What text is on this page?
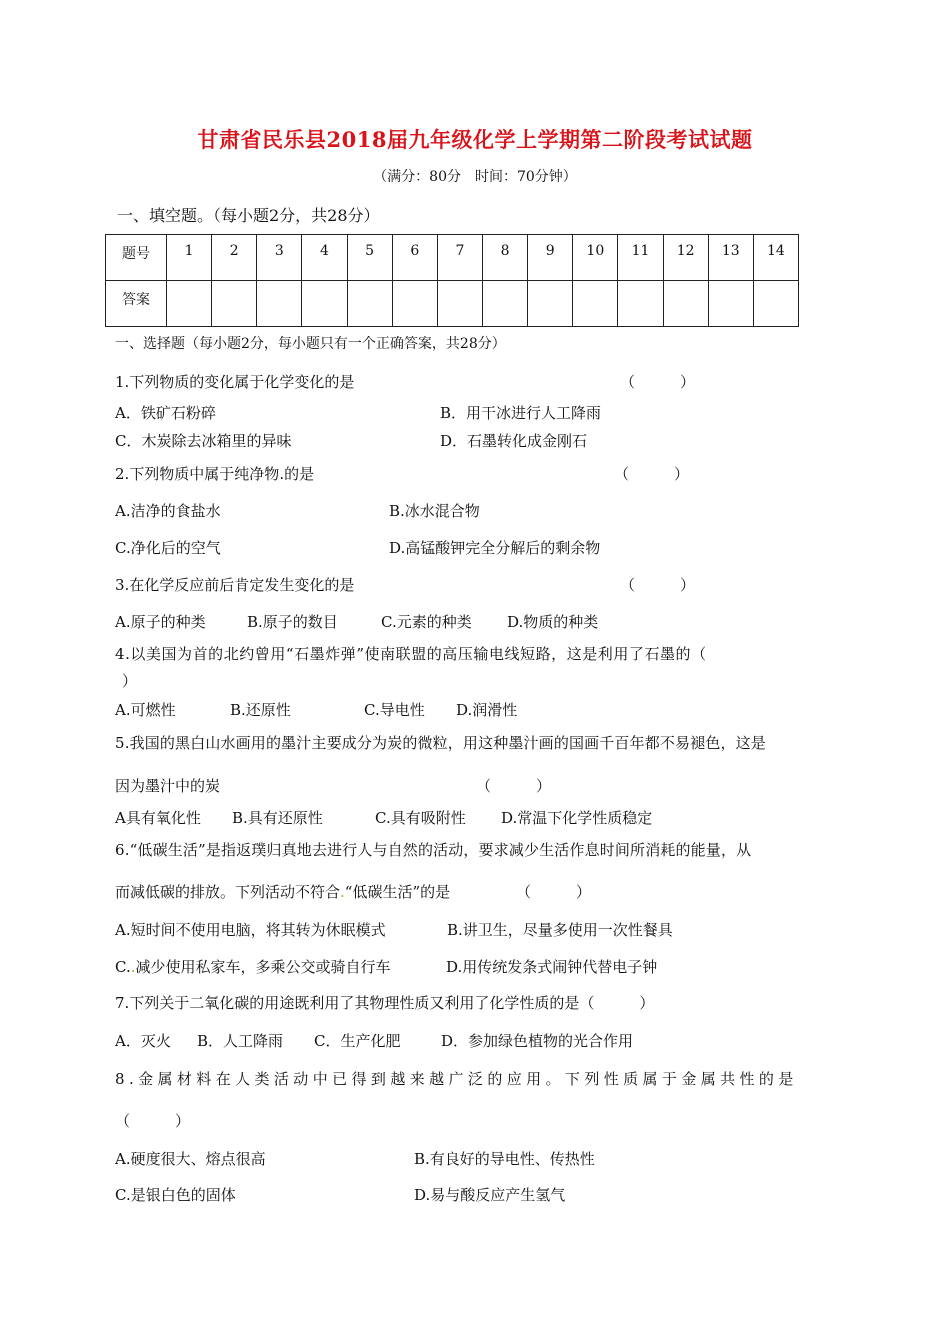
甘肃省民乐县2018届九年级化学上学期第二阶段考试试题
（满分：80分　时间：70分钟）
一、填空题。（每小题2分，共28分）
题号	1	2	3	4	5	6	7	8	9	10	11	12	13	14
答案														
一、选择题（每小题2分，每小题只有一个正确答案，共28分）
1.下列物质的变化属于化学变化的是	（　　　）
A．铁矿石粉碎	B．用干冰进行人工降雨
C．木炭除去冰箱里的异味	D．石墨转化成金刚石
2.下列物质中属于纯净物.的是	（　　　）
A.洁净的食盐水	B.冰水混合物
C.净化后的空气	D.高锰酸钾完全分解后的剩余物
3.在化学反应前后肯定发生变化的是	（　　　）
A.原子的种类	B.原子的数目	C.元素的种类 D.物质的种类
4.以美国为首的北约曾用“石墨炸弹”使南联盟的高压输电线短路，这是利用了石墨的（
）
A.可燃性	B.还原性	C.导电性 D.润滑性
5.我国的黑白山水画用的墨汁主要成分为炭的微粒，用这种墨汁画的国画千百年都不易褪色，这是
因为墨汁中的炭	（　　　）
A具有氧化性 B.具有还原性	C.具有吸附性 D.常温下化学性质稳定
6.“低碳生活”是指返璞归真地去进行人与自然的活动，要求减少生活作息时间所消耗的能量，从
而减低碳的排放。下列活动不符合.“低碳生活”的是	（　　　）
A.短时间不使用电脑，将其转为休眠模式	B.讲卫生，尽量多使用一次性餐具
C..减少使用私家车，多乘公交或骑自行车	D.用传统发条式闹钟代替电子钟
7.下列关于二氧化碳的用途既利用了其物理性质又利用了化学性质的是（　　　）
A．灭火 B．人工降雨 C．生产化肥	D．参加绿色植物的光合作用
8.金属材料在人类活动中已得到越来越广泛的应用。下列性质属于金属共性的是
（　　　）
A.硬度很大、熔点很高	B.有良好的导电性、传热性
C.是银白色的固体	D.易与酸反应产生氢气
